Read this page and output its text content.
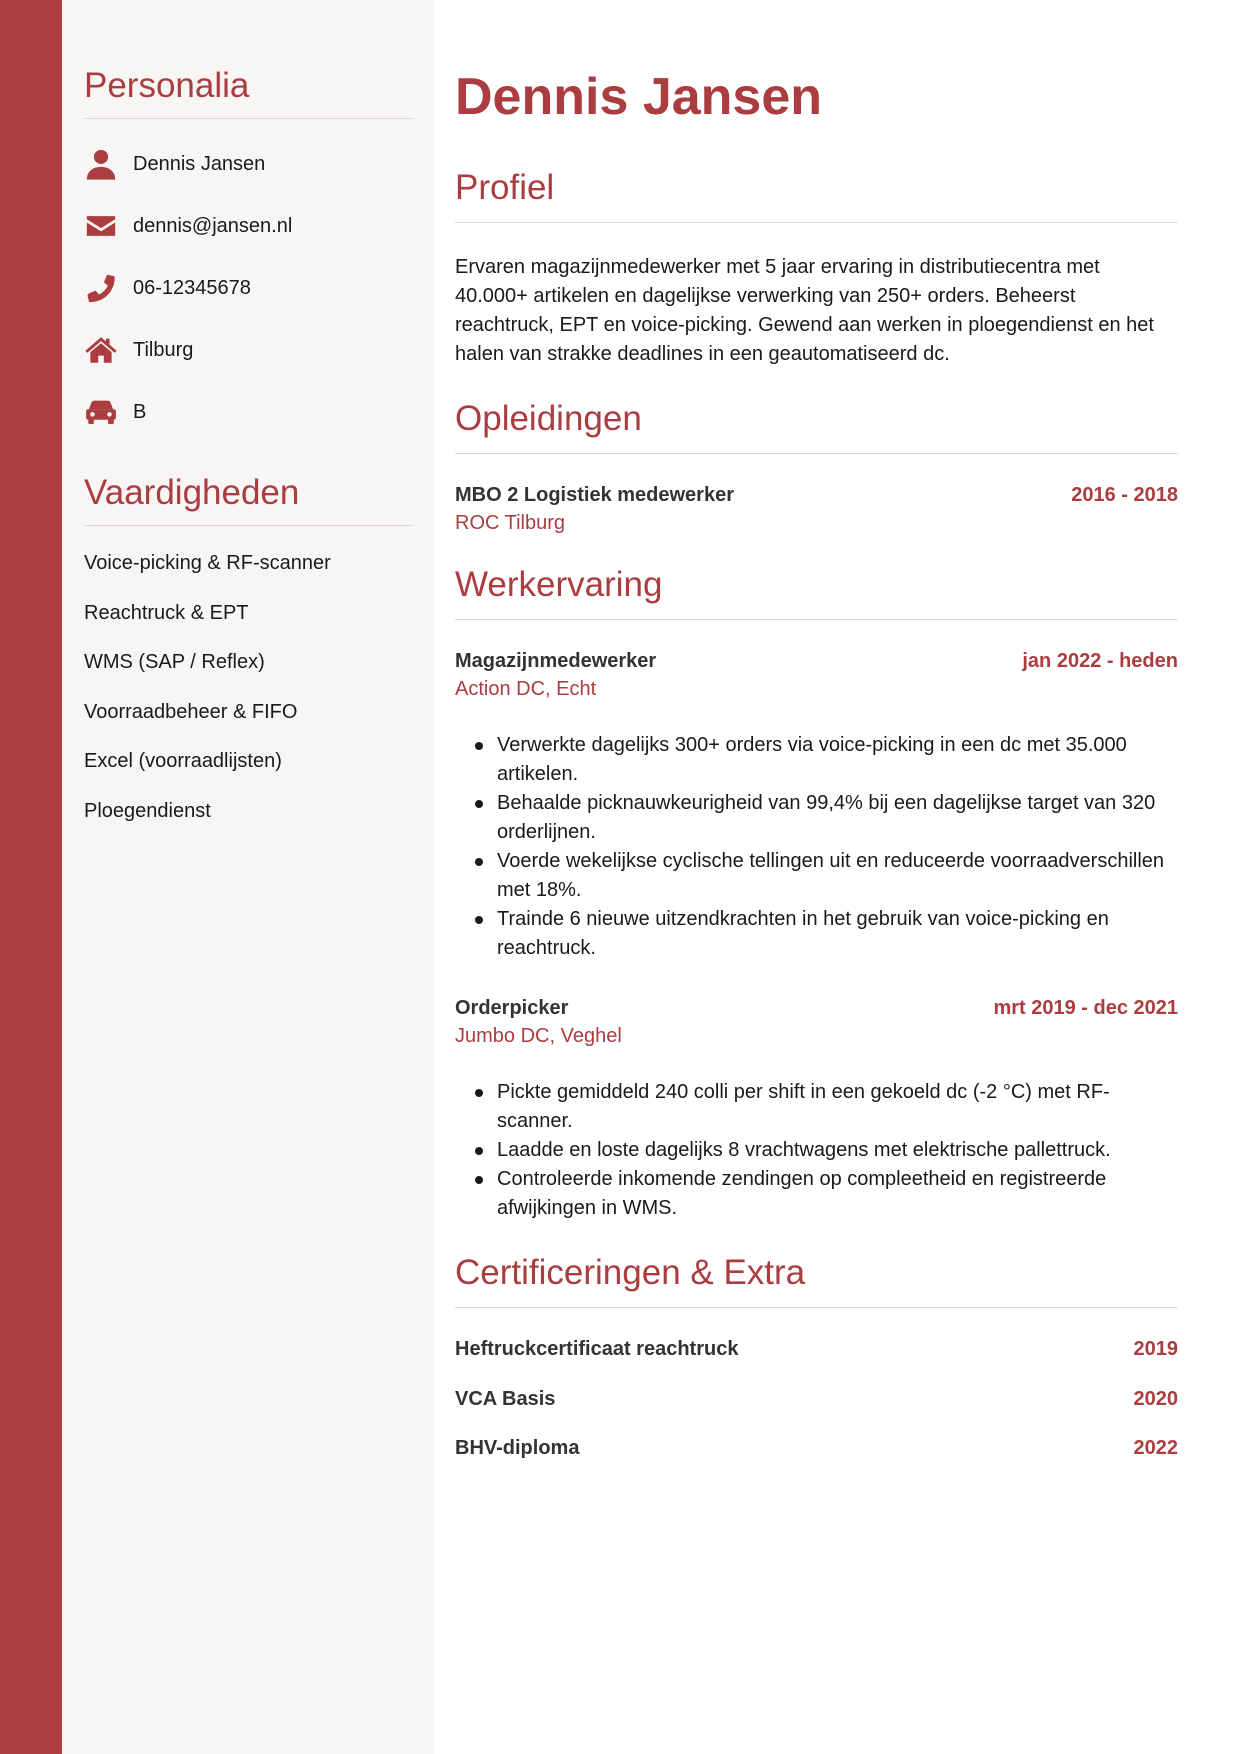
Personalia
Dennis Jansen
dennis@jansen.nl
06-12345678
Tilburg
B
Vaardigheden
Voice-picking & RF-scanner
Reachtruck & EPT
WMS (SAP / Reflex)
Voorraadbeheer & FIFO
Excel (voorraadlijsten)
Ploegendienst
Dennis Jansen
Profiel

Ervaren magazijnmedewerker met 5 jaar ervaring in distributiecentra met 40.000+ artikelen en dagelijkse verwerking van 250+ orders. Beheerst reachtruck, EPT en voice-picking. Gewend aan werken in ploegendienst en het halen van strakke deadlines in een geautomatiseerd dc.

Opleidingen
MBO 2 Logistiek medewerker	2016 - 2018
ROC Tilburg
Werkervaring
Magazijnmedewerker	jan 2022 - heden
Action DC, Echt
Verwerkte dagelijks 300+ orders via voice-picking in een dc met 35.000 artikelen.
Behaalde picknauwkeurigheid van 99,4% bij een dagelijkse target van 320 orderlijnen.
Voerde wekelijkse cyclische tellingen uit en reduceerde voorraadverschillen met 18%.
Trainde 6 nieuwe uitzendkrachten in het gebruik van voice-picking en reachtruck.
Orderpicker	mrt 2019 - dec 2021
Jumbo DC, Veghel
Pickte gemiddeld 240 colli per shift in een gekoeld dc (-2 °C) met RF-scanner.
Laadde en loste dagelijks 8 vrachtwagens met elektrische pallettruck.
Controleerde inkomende zendingen op compleetheid en registreerde afwijkingen in WMS.
Certificeringen & Extra
Heftruckcertificaat reachtruck	2019
VCA Basis	2020
BHV-diploma	2022
